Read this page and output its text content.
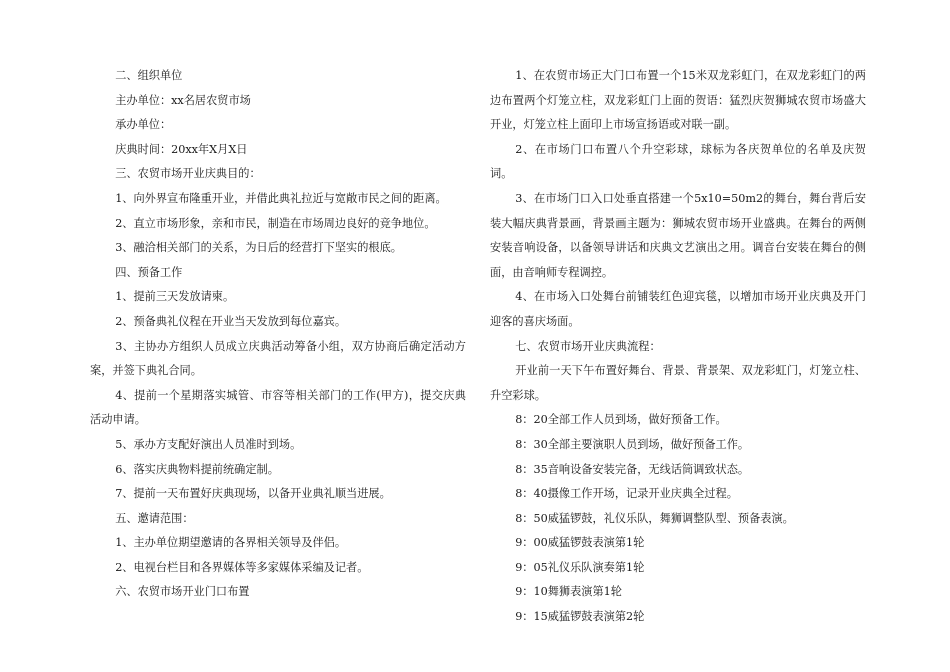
二、组织单位

主办单位：xx名居农贸市场

承办单位：

庆典时间：20xx年X月X日

三、农贸市场开业庆典目的：

1、向外界宣布隆重开业，并借此典礼拉近与宽敞市民之间的距离。

2、直立市场形象，亲和市民，制造在市场周边良好的竞争地位。

3、融洽相关部门的关系，为日后的经营打下坚实的根底。

四、预备工作

1、提前三天发放请柬。

2、预备典礼仪程在开业当天发放到每位嘉宾。

3、主协办方组织人员成立庆典活动筹备小组，双方协商后确定活动方案，并签下典礼合同。

4、提前一个星期落实城管、市容等相关部门的工作(甲方)，提交庆典活动申请。

5、承办方支配好演出人员准时到场。

6、落实庆典物料提前统确定制。

7、提前一天布置好庆典现场，以备开业典礼顺当进展。

五、邀请范围：

1、主办单位期望邀请的各界相关领导及伴侣。

2、电视台栏目和各界媒体等多家媒体采编及记者。

六、农贸市场开业门口布置

1、在农贸市场正大门口布置一个15米双龙彩虹门，在双龙彩虹门的两边布置两个灯笼立柱，双龙彩虹门上面的贺语：猛烈庆贺狮城农贸市场盛大开业，灯笼立柱上面印上市场宣扬语或对联一副。

2、在市场门口布置八个升空彩球，球标为各庆贺单位的名单及庆贺词。

3、在市场门口入口处垂直搭建一个5x10=50m2的舞台，舞台背后安装大幅庆典背景画，背景画主题为：狮城农贸市场开业盛典。在舞台的两侧安装音响设备，以备领导讲话和庆典文艺演出之用。调音台安装在舞台的侧面，由音响师专程调控。

4、在市场入口处舞台前铺装红色迎宾毯，以增加市场开业庆典及开门迎客的喜庆场面。

七、农贸市场开业庆典流程：

开业前一天下午布置好舞台、背景、背景架、双龙彩虹门，灯笼立柱、升空彩球。

8：20全部工作人员到场，做好预备工作。

8：30全部主要演职人员到场，做好预备工作。

8：35音响设备安装完备，无线话筒调致状态。

8：40摄像工作开场，记录开业庆典全过程。

8：50威猛锣鼓，礼仪乐队，舞狮调整队型、预备表演。

9：00威猛锣鼓表演第1轮

9：05礼仪乐队演奏第1轮

9：10舞狮表演第1轮

9：15威猛锣鼓表演第2轮
